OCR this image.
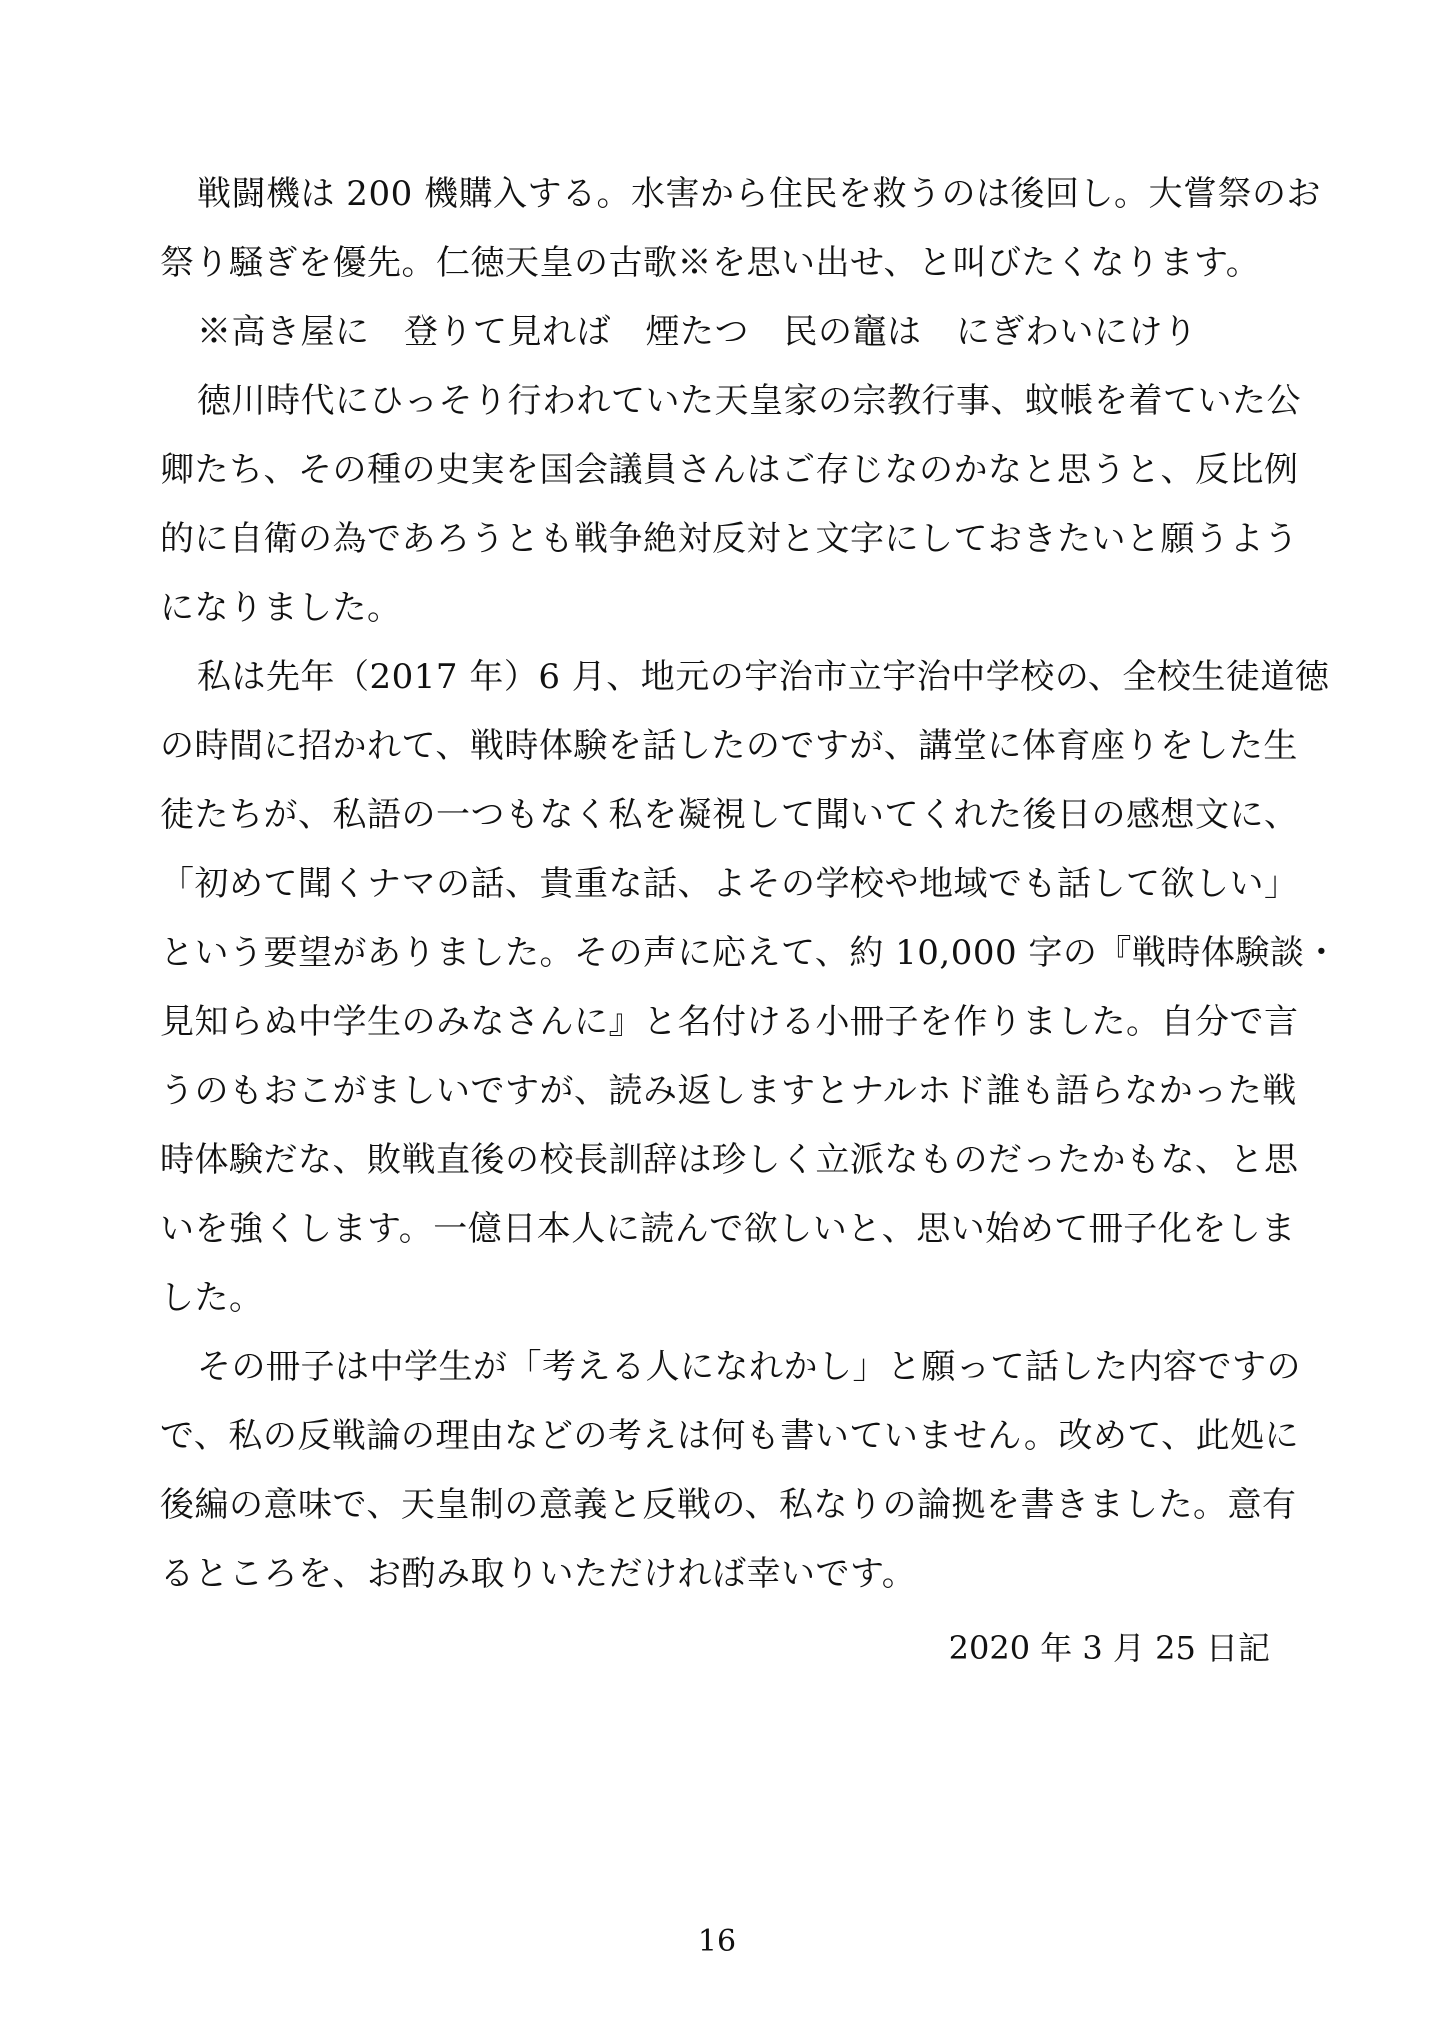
戦闘機は 200 機購入する。水害から住民を救うのは後回し。大嘗祭のお
祭り騒ぎを優先。仁徳天皇の古歌※を思い出せ、と叫びたくなります。
※高き屋に　登りて見れば　煙たつ　民の竈は　にぎわいにけり
徳川時代にひっそり行われていた天皇家の宗教行事、蚊帳を着ていた公
卿たち、その種の史実を国会議員さんはご存じなのかなと思うと、反比例
的に自衛の為であろうとも戦争絶対反対と文字にしておきたいと願うよう
になりました。
私は先年（2017 年）6 月、地元の宇治市立宇治中学校の、全校生徒道徳
の時間に招かれて、戦時体験を話したのですが、講堂に体育座りをした生
徒たちが、私語の一つもなく私を凝視して聞いてくれた後日の感想文に、
「初めて聞くナマの話、貴重な話、よその学校や地域でも話して欲しい」
という要望がありました。その声に応えて、約 10,000 字の『戦時体験談・
見知らぬ中学生のみなさんに』と名付ける小冊子を作りました。自分で言
うのもおこがましいですが、読み返しますとナルホド誰も語らなかった戦
時体験だな、敗戦直後の校長訓辞は珍しく立派なものだったかもな、と思
いを強くします。一億日本人に読んで欲しいと、思い始めて冊子化をしま
した。
その冊子は中学生が「考える人になれかし」と願って話した内容ですの
で、私の反戦論の理由などの考えは何も書いていません。改めて、此処に
後編の意味で、天皇制の意義と反戦の、私なりの論拠を書きました。意有
るところを、お酌み取りいただければ幸いです。
2020 年 3 月 25 日記
16
